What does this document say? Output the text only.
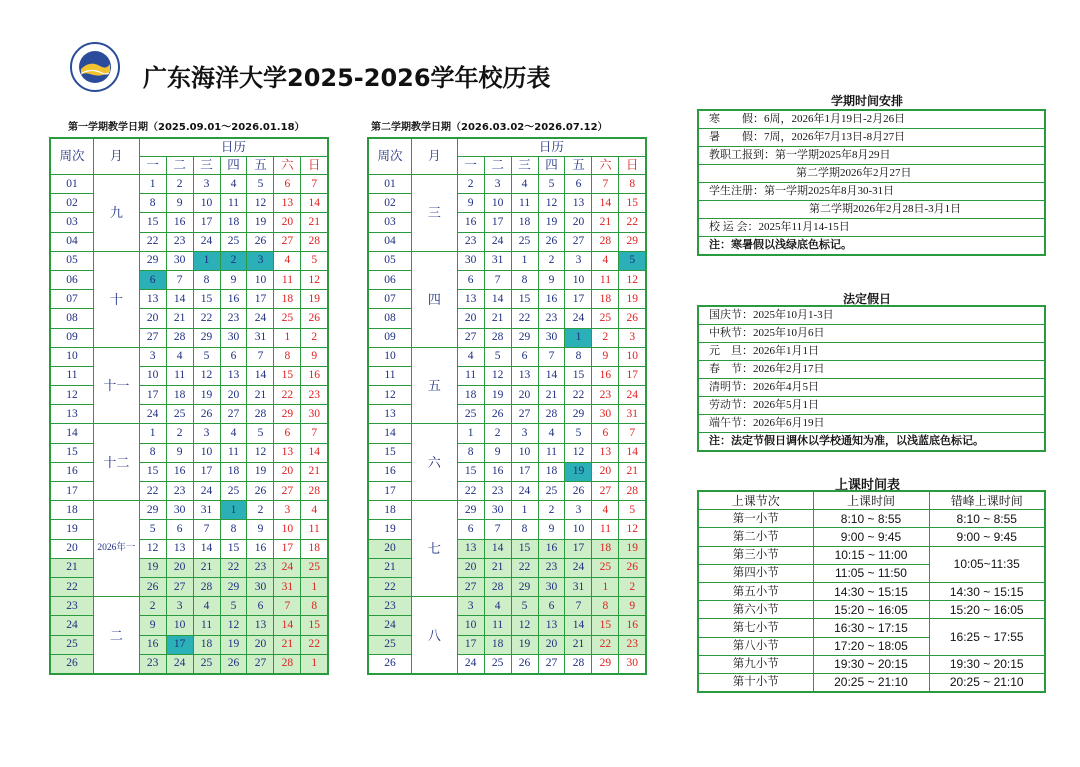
广东海洋大学2025-2026学年校历表
第一学期教学日期（2025.09.01～2026.01.18）	第二学期教学日期（2026.03.02～2026.07.12）
周次	月	日历						
		一	二	三	四	五	六	日
01	九	1	2	3	4	5	6	7
02		8	9	10	11	12	13	14
03		15	16	17	18	19	20	21
04		22	23	24	25	26	27	28
05	十	29	30	1	2	3	4	5
06		6	7	8	9	10	11	12
07		13	14	15	16	17	18	19
08		20	21	22	23	24	25	26
09		27	28	29	30	31	1	2
10	十一	3	4	5	6	7	8	9
11		10	11	12	13	14	15	16
12		17	18	19	20	21	22	23
13		24	25	26	27	28	29	30
14	十二	1	2	3	4	5	6	7
15		8	9	10	11	12	13	14
16		15	16	17	18	19	20	21
17		22	23	24	25	26	27	28
18	2026年一	29	30	31	1	2	3	4
19		5	6	7	8	9	10	11
20		12	13	14	15	16	17	18
21		19	20	21	22	23	24	25
22		26	27	28	29	30	31	1
23	二	2	3	4	5	6	7	8
24		9	10	11	12	13	14	15
25		16	17	18	19	20	21	22
26		23	24	25	26	27	28	1
周次	月	日历						
		一	二	三	四	五	六	日
01	三	2	3	4	5	6	7	8
02		9	10	11	12	13	14	15
03		16	17	18	19	20	21	22
04		23	24	25	26	27	28	29
05	四	30	31	1	2	3	4	5
06		6	7	8	9	10	11	12
07		13	14	15	16	17	18	19
08		20	21	22	23	24	25	26
09		27	28	29	30	1	2	3
10	五	4	5	6	7	8	9	10
11		11	12	13	14	15	16	17
12		18	19	20	21	22	23	24
13		25	26	27	28	29	30	31
14	六	1	2	3	4	5	6	7
15		8	9	10	11	12	13	14
16		15	16	17	18	19	20	21
17		22	23	24	25	26	27	28
18	七	29	30	1	2	3	4	5
19		6	7	8	9	10	11	12
20		13	14	15	16	17	18	19
21		20	21	22	23	24	25	26
22		27	28	29	30	31	1	2
23	八	3	4	5	6	7	8	9
24		10	11	12	13	14	15	16
25		17	18	19	20	21	22	23
26		24	25	26	27	28	29	30
学期时间安排
寒　　假：6周，2026年1月19日-2月26日
暑　　假：7周，2026年7月13日-8月27日
教职工报到：第一学期2025年8月29日
第二学期2026年2月27日
学生注册：第一学期2025年8月30-31日
第二学期2026年2月28日-3月1日
校 运 会：2025年11月14-15日
注：寒暑假以浅绿底色标记。
法定假日
国庆节：2025年10月1-3日
中秋节：2025年10月6日
元　旦：2026年1月1日
春　节：2026年2月17日
清明节：2026年4月5日
劳动节：2026年5月1日
端午节：2026年6月19日
注：法定节假日调休以学校通知为准，以浅蓝底色标记。
上课时间表
上课节次	上课时间	错峰上课时间
第一小节	8:10 ~ 8:55	8:10 ~ 8:55
第二小节	9:00 ~ 9:45	9:00 ~ 9:45
第三小节	10:15 ~ 11:00	10:05~11:35
第四小节	11:05 ~ 11:50	
第五小节	14:30 ~ 15:15	14:30 ~ 15:15
第六小节	15:20 ~ 16:05	15:20 ~ 16:05
第七小节	16:30 ~ 17:15	16:25 ~ 17:55
第八小节	17:20 ~ 18:05	
第九小节	19:30 ~ 20:15	19:30 ~ 20:15
第十小节	20:25 ~ 21:10	20:25 ~ 21:10
